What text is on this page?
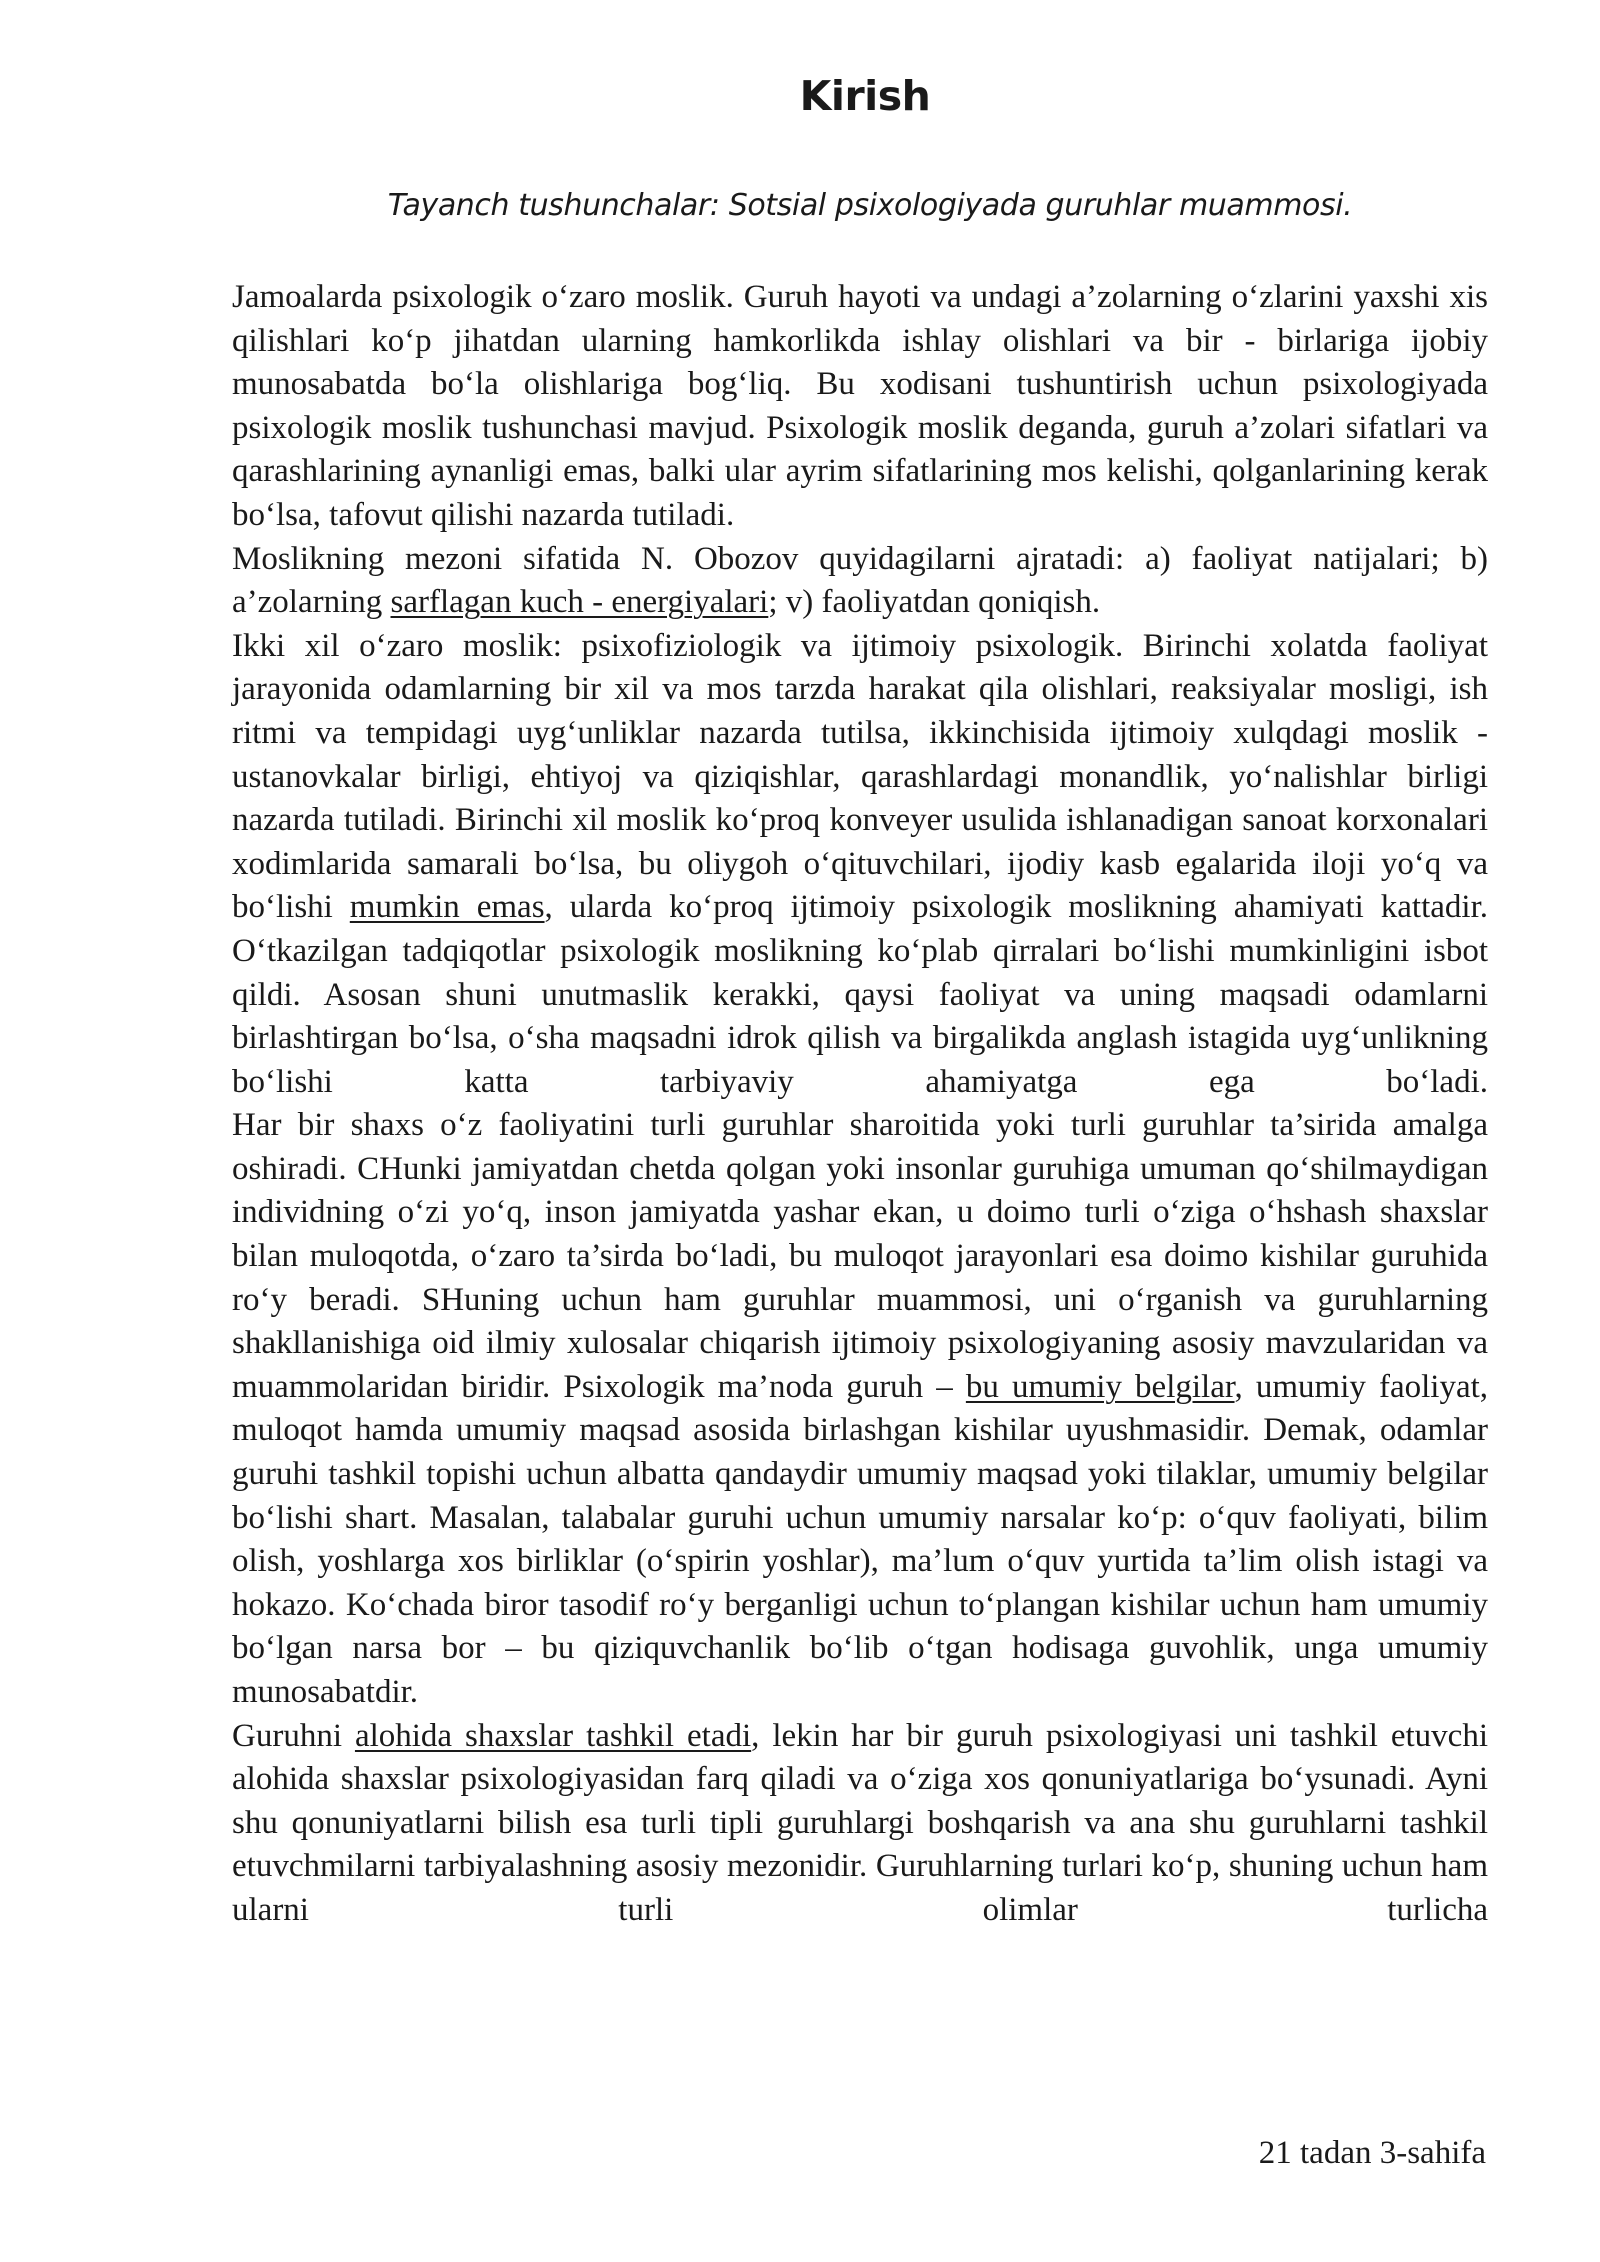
Kirish

Tayanch tushunchalar: Sotsial psixologiyada guruhlar muammosi.

Jamoalarda psixologik o‘zaro moslik. Guruh hayoti va undagi a’zolarning o‘zlarini yaxshi xis qilishlari ko‘p jihatdan ularning hamkorlikda ishlay olishlari va bir - birlariga ijobiy munosabatda bo‘la olishlariga bog‘liq. Bu xodisani tushuntirish uchun psixologiyada psixologik moslik tushunchasi mavjud. Psixologik moslik deganda, guruh a’zolari sifatlari va qarashlarining aynanligi emas, balki ular ayrim sifatlarining mos kelishi, qolganlarining kerak bo‘lsa, tafovut qilishi nazarda tutiladi.

Moslikning mezoni sifatida N. Obozov quyidagilarni ajratadi: a) faoliyat natijalari; b) a’zolarning sarflagan kuch - energiyalari; v) faoliyatdan qoniqish.

Ikki xil o‘zaro moslik: psixofiziologik va ijtimoiy psixologik. Birinchi xolatda faoliyat jarayonida odamlarning bir xil va mos tarzda harakat qila olishlari, reaksiyalar mosligi, ish ritmi va tempidagi uyg‘unliklar nazarda tutilsa, ikkinchisida ijtimoiy xulqdagi moslik - ustanovkalar birligi, ehtiyoj va qiziqishlar, qarashlardagi monandlik, yo‘nalishlar birligi nazarda tutiladi. Birinchi xil moslik ko‘proq konveyer usulida ishlanadigan sanoat korxonalari xodimlarida samarali bo‘lsa, bu oliygoh o‘qituvchilari, ijodiy kasb egalarida iloji yo‘q va bo‘lishi mumkin emas, ularda ko‘proq ijtimoiy psixologik moslikning ahamiyati kattadir.

O‘tkazilgan tadqiqotlar psixologik moslikning ko‘plab qirralari bo‘lishi mumkinligini isbot qildi. Asosan shuni unutmaslik kerakki, qaysi faoliyat va uning maqsadi odamlarni birlashtirgan bo‘lsa, o‘sha maqsadni idrok qilish va birgalikda anglash istagida uyg‘unlikning bo‘lishi katta tarbiyaviy ahamiyatga ega bo‘ladi.

Har bir shaxs o‘z faoliyatini turli guruhlar sharoitida yoki turli guruhlar ta’sirida amalga oshiradi. CHunki jamiyatdan chetda qolgan yoki insonlar guruhiga umuman qo‘shilmaydigan individning o‘zi yo‘q, inson jamiyatda yashar ekan, u doimo turli o‘ziga o‘hshash shaxslar bilan muloqotda, o‘zaro ta’sirda bo‘ladi, bu muloqot jarayonlari esa doimo kishilar guruhida ro‘y beradi. SHuning uchun ham guruhlar muammosi, uni o‘rganish va guruhlarning shakllanishiga oid ilmiy xulosalar chiqarish ijtimoiy psixologiyaning asosiy mavzularidan va muammolaridan biridir. Psixologik ma’noda guruh – bu umumiy belgilar, umumiy faoliyat, muloqot hamda umumiy maqsad asosida birlashgan kishilar uyushmasidir. Demak, odamlar guruhi tashkil topishi uchun albatta qandaydir umumiy maqsad yoki tilaklar, umumiy belgilar bo‘lishi shart. Masalan, talabalar guruhi uchun umumiy narsalar ko‘p: o‘quv faoliyati, bilim olish, yoshlarga xos birliklar (o‘spirin yoshlar), ma’lum o‘quv yurtida ta’lim olish istagi va hokazo. Ko‘chada biror tasodif ro‘y berganligi uchun to‘plangan kishilar uchun ham umumiy bo‘lgan narsa bor – bu qiziquvchanlik bo‘lib o‘tgan hodisaga guvohlik, unga umumiy munosabatdir.

Guruhni alohida shaxslar tashkil etadi, lekin har bir guruh psixologiyasi uni tashkil etuvchi alohida shaxslar psixologiyasidan farq qiladi va o‘ziga xos qonuniyatlariga bo‘ysunadi. Ayni shu qonuniyatlarni bilish esa turli tipli guruhlargi boshqarish va ana shu guruhlarni tashkil etuvchmilarni tarbiyalashning asosiy mezonidir. Guruhlarning turlari ko‘p, shuning uchun ham ularni turli olimlar turlicha

21 tadan 3-sahifa
